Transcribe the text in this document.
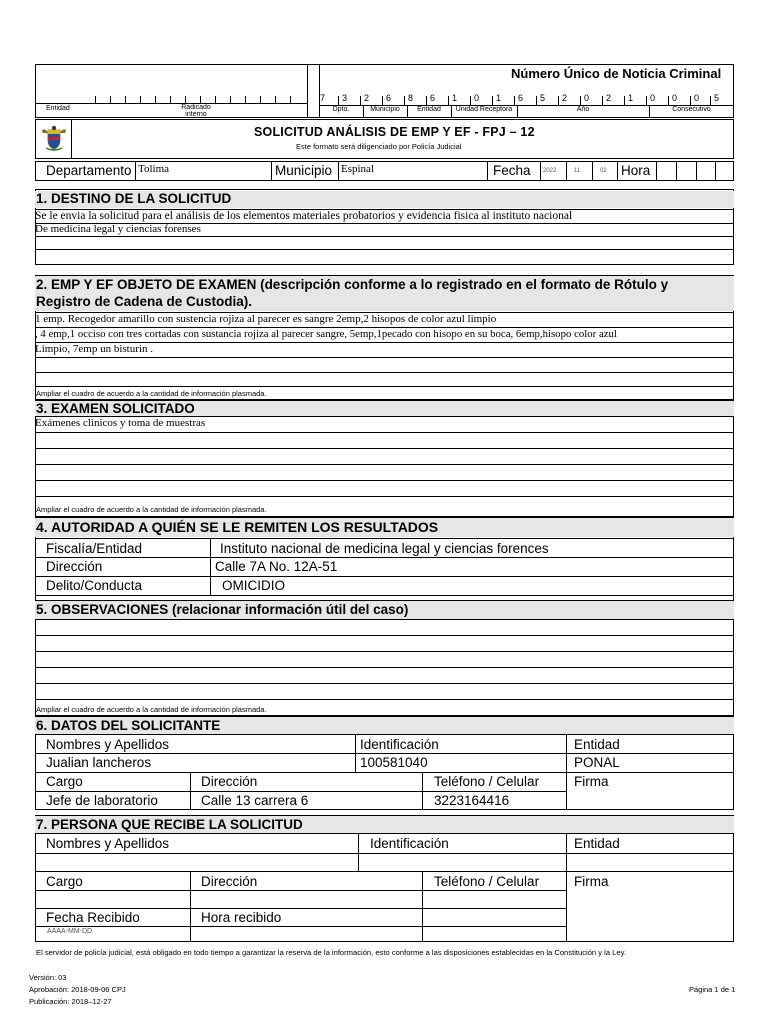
Número Único de Noticia Criminal
Entidad	Radicado interno
7 3 2 6 8 6 1 0 1 6 5 2 0 2 1 0 0 0 5
Dpto.	Municipio	Entidad	Unidad Receptora	Año	Consecutivo
SOLICITUD ANÁLISIS DE EMP Y EF - FPJ – 12
Este formato será diligenciado por Policía Judicial
Departamento Tolima	Municipio Espinal	Fecha 2022	11	02 Hora
1. DESTINO DE LA SOLICITUD
Se le envia la solicitud para el análisis de los elementos materiales probatorios y evidencia fisica al instituto nacional
De medicina legal y ciencias forenses
2. EMP Y EF OBJETO DE EXAMEN (descripción conforme a lo registrado en el formato de Rótulo y
Registro de Cadena de Custodia).
1 emp. Recogedor amarillo con sustencia rojiza al parecer es sangre 2emp,2 hisopos de color azul limpio
, 4 emp,1 occiso con tres cortadas con sustancia rojiza al parecer sangre, 5emp,1pecado con hisopo en su boca, 6emp,hisopo color azul
Limpio, 7emp un bisturin .
Ampliar el cuadro de acuerdo a la cantidad de información plasmada.
3. EXAMEN SOLICITADO
Exámenes clinicos y toma de muestras
Ampliar el cuadro de acuerdo a la cantidad de información plasmada.
4. AUTORIDAD A QUIÉN SE LE REMITEN LOS RESULTADOS
Fiscalía/Entidad	Instituto nacional de medicina legal y ciencias forences
Dirección	Calle 7A No. 12A-51
Delito/Conducta	OMICIDIO
5. OBSERVACIONES (relacionar información útil del caso)
Ampliar el cuadro de acuerdo a la cantidad de información plasmada.
6. DATOS DEL SOLICITANTE
Nombres y Apellidos	Identificación	Entidad
Jualian lancheros	100581040	PONAL
Cargo	Dirección	Teléfono / Celular	Firma
Jefe de laboratorio	Calle 13 carrera 6	3223164416
7. PERSONA QUE RECIBE LA SOLICITUD
Nombres y Apellidos	Identificación	Entidad
Cargo	Dirección	Teléfono / Celular	Firma
Fecha Recibido	Hora recibido
AAAA-MM-DD
El servidor de policía judicial, está obligado en todo tiempo a garantizar la reserva de la información, esto conforme a las disposiciones establecidas en la Constitución y la Ley.
Versión: 03
Aprobación: 2018-09-06 CPJ
Publicación: 2018–12-27
Página 1 de 1
